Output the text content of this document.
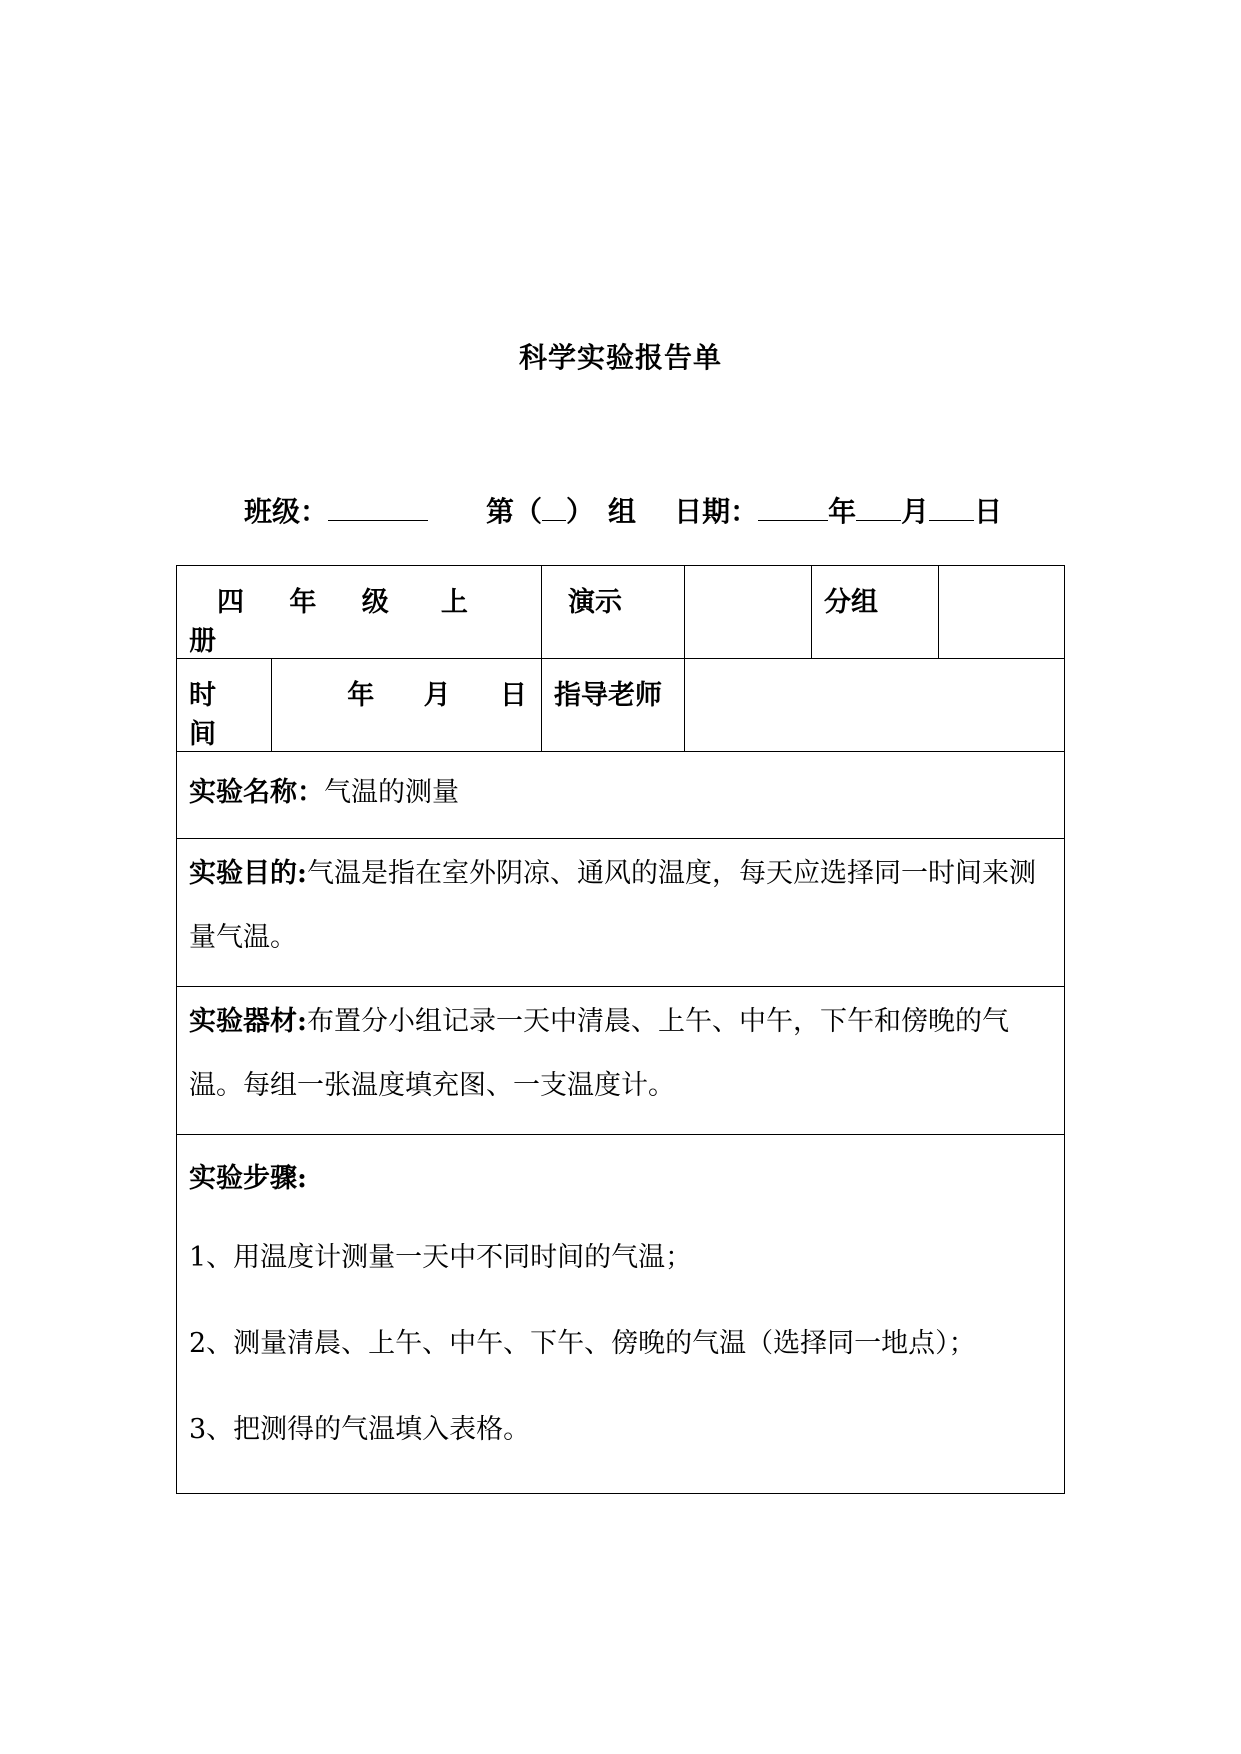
科学实验报告单
班级：	第（ ） 组 日期：	年 月 日
四 年 级 上 册		演示		分组	

时 间	年 月 日	指导老师			

实验名称：气温的测量					

实验目的:气温是指在室外阴凉、通风的温度，每天应选择同一时间来测量气温。					

实验器材:布置分小组记录一天中清晨、上午、中午，下午和傍晚的气温。每组一张温度填充图、一支温度计。					

实验步骤:

1、用温度计测量一天中不同时间的气温；

2、测量清晨、上午、中午、下午、傍晚的气温（选择同一地点）；

3、把测得的气温填入表格。					
